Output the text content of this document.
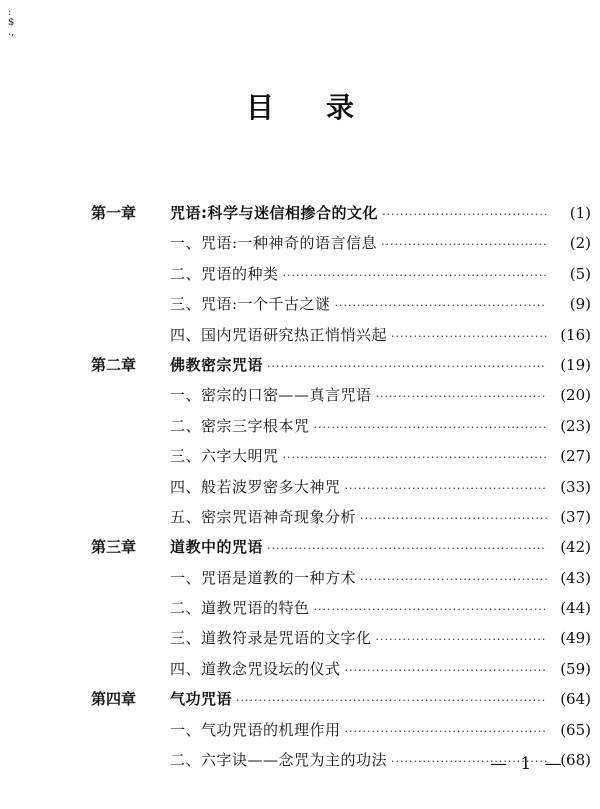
:
$
.,
目 录
第一章	咒语:科学与迷信相掺合的文化 ·····	(1)
一、咒语:一种神奇的语言信息 ·····	(2)
二、咒语的种类 ·····	(5)
三、咒语:一个千古之谜 ·····	(9)
四、国内咒语研究热正悄悄兴起 ·····	(16)
第二章	佛教密宗咒语 ·····	(19)
一、密宗的口密——真言咒语 ·····	(20)
二、密宗三字根本咒 ·····	(23)
三、六字大明咒 ·····	(27)
四、般若波罗密多大神咒 ·····	(33)
五、密宗咒语神奇现象分析 ·····	(37)
第三章	道教中的咒语 ·····	(42)
一、咒语是道教的一种方术 ·····	(43)
二、道教咒语的特色 ·····	(44)
三、道教符录是咒语的文字化 ·····	(49)
四、道教念咒设坛的仪式 ·····	(59)
第四章	气功咒语 ·····	(64)
一、气功咒语的机理作用 ·····	(65)
二、六字诀——念咒为主的功法 ·····	(68)
— 1 —
